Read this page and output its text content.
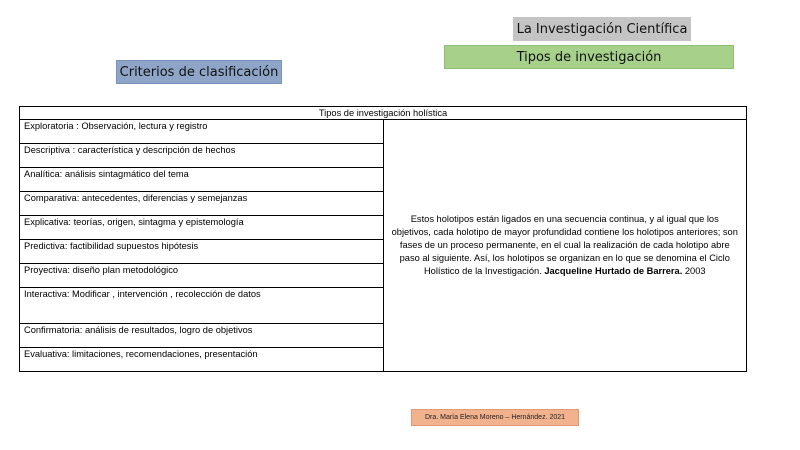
La Investigación Científica
Tipos de investigación
Criterios de clasificación
Tipos de investigación holística
Exploratoria : Observación, lectura y registro	Estos holotipos están ligados en una secuencia continua, y al igual que los objetivos, cada holotipo de mayor profundidad contiene los holotipos anteriores; son fases de un proceso permanente, en el cual la realización de cada holotipo abre paso al siguiente. Así, los holotipos se organizan en lo que se denomina el Ciclo Holístico de la Investigación. Jacqueline Hurtado de Barrera. 2003
Descriptiva : característica y descripción de hechos
Analítica: análisis sintagmático del tema
Comparativa: antecedentes, diferencias y semejanzas
Explicativa: teorías, origen, sintagma y epistemología
Predictiva: factibilidad supuestos hipótesis
Proyectiva: diseño plan metodológico
Interactiva: Modificar , intervención , recolección de datos
Confirmatoria: análisis de resultados, logro de objetivos
Evaluativa: limitaciones, recomendaciones, presentación
Dra. María Elena Moreno – Hernández. 2021
